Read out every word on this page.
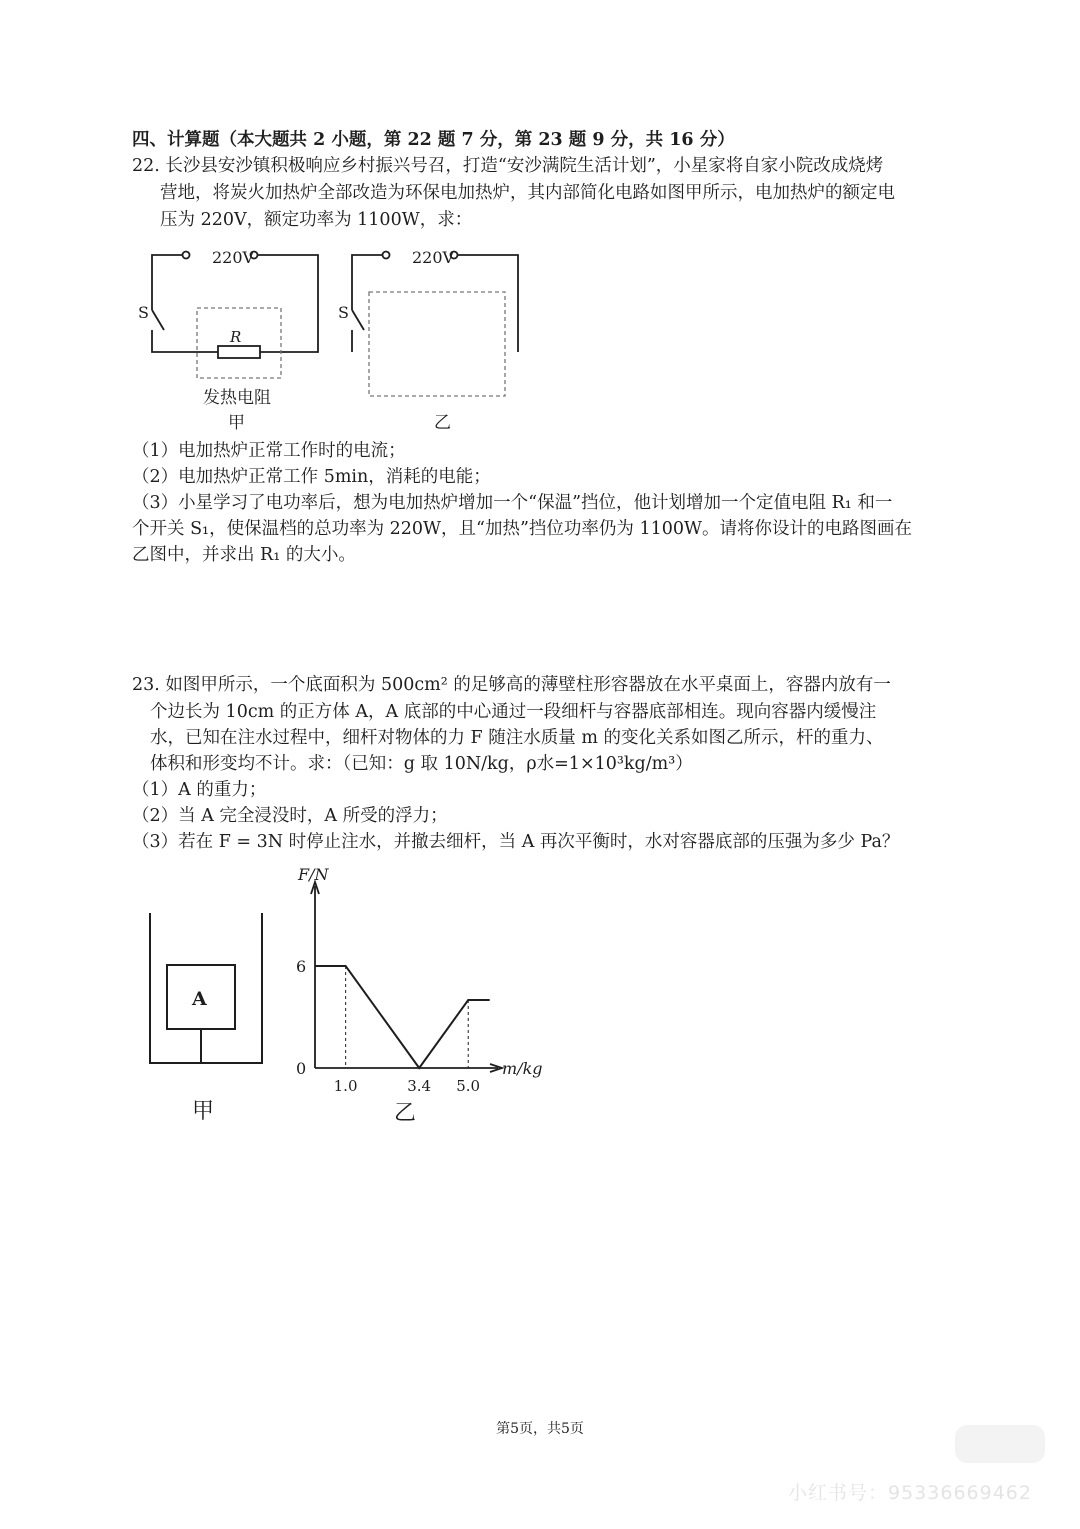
四、计算题（本大题共 2 小题，第 22 题 7 分，第 23 题 9 分，共 16 分）
22. 长沙县安沙镇积极响应乡村振兴号召，打造“安沙满院生活计划”，小星家将自家小院改成烧烤
营地，将炭火加热炉全部改造为环保电加热炉，其内部简化电路如图甲所示，电加热炉的额定电
压为 220V，额定功率为 1100W，求：
220V
S
R
发热电阻
甲
220V
S
乙
（1）电加热炉正常工作时的电流；
（2）电加热炉正常工作 5min，消耗的电能；
（3）小星学习了电功率后，想为电加热炉增加一个“保温”挡位，他计划增加一个定值电阻 R₁ 和一
个开关 S₁，使保温档的总功率为 220W，且“加热”挡位功率仍为 1100W。请将你设计的电路图画在
乙图中，并求出 R₁ 的大小。
23. 如图甲所示，一个底面积为 500cm² 的足够高的薄壁柱形容器放在水平桌面上，容器内放有一
个边长为 10cm 的正方体 A，A 底部的中心通过一段细杆与容器底部相连。现向容器内缓慢注
水，已知在注水过程中，细杆对物体的力 F 随注水质量 m 的变化关系如图乙所示，杆的重力、
体积和形变均不计。求：（已知：g 取 10N/kg，ρ水=1×10³kg/m³）
（1）A 的重力；
（2）当 A 完全浸没时，A 所受的浮力；
（3）若在 F = 3N 时停止注水，并撤去细杆，当 A 再次平衡时，水对容器底部的压强为多少 Pa？
A
甲
1.0	3.4 5.0
6
F/N
m/kg
0
乙
第5页，共5页
小红书号：95336669462
